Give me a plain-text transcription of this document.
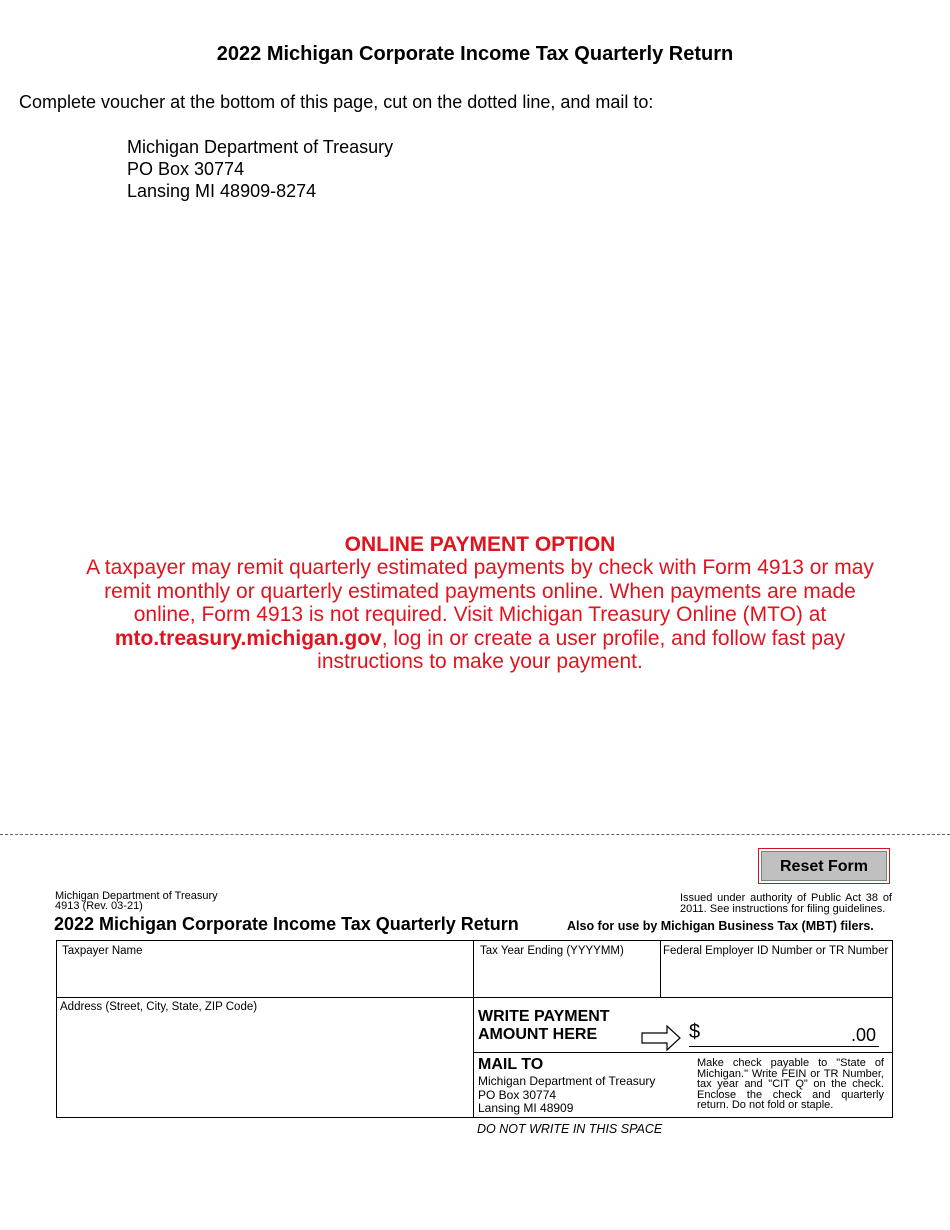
2022 Michigan Corporate Income Tax Quarterly Return
Complete voucher at the bottom of this page, cut on the dotted line, and mail to:
Michigan Department of Treasury
PO Box 30774
Lansing MI 48909-8274
ONLINE PAYMENT OPTION
A taxpayer may remit quarterly estimated payments by check with Form 4913 or may remit monthly or quarterly estimated payments online. When payments are made online, Form 4913 is not required. Visit Michigan Treasury Online (MTO) at mto.treasury.michigan.gov, log in or create a user profile, and follow fast pay instructions to make your payment.
Reset Form
Michigan Department of Treasury
4913 (Rev. 03-21)
Issued under authority of Public Act 38 of 2011. See instructions for filing guidelines.
2022 Michigan Corporate Income Tax Quarterly Return	Also for use by Michigan Business Tax (MBT) filers.
Taxpayer Name	Tax Year Ending (YYYYMM)	Federal Employer ID Number or TR Number
Address (Street, City, State, ZIP Code)
WRITE PAYMENT
AMOUNT HERE	$	.00
MAIL TO
Michigan Department of Treasury
PO Box 30774
Lansing MI 48909
Make check payable to "State of Michigan." Write FEIN or TR Number, tax year and "CIT Q" on the check. Enclose the check and quarterly return. Do not fold or staple.
DO NOT WRITE IN THIS SPACE
